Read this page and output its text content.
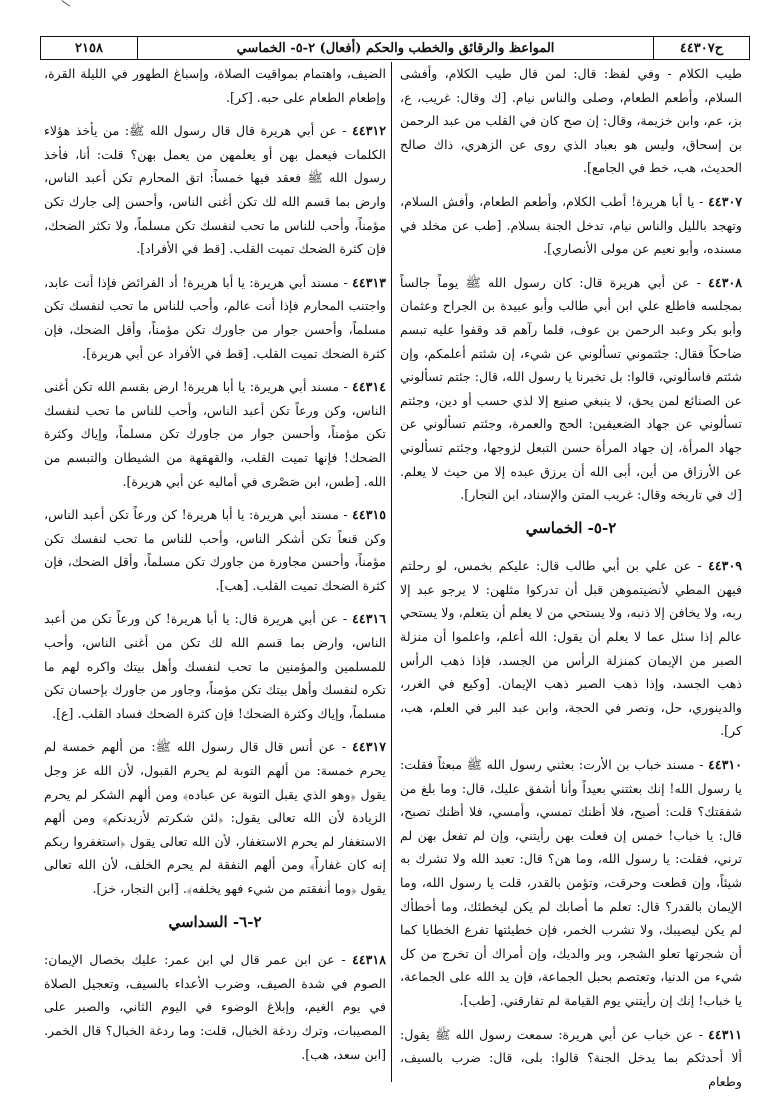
ح٤٤٣٠٧
المواعظ والرقائق والخطب والحكم (أفعال) ٢-٥- الخماسي
٢١٥٨

طيب الكلام - وفي لفظ: قال: لمن قال طيب الكلام، وأفشى السلام، وأطعم الطعام، وصلى والناس نيام. [ك وقال: غريب، ع، بز، عم، وابن خزيمة، وقال: إن صح كان في القلب من عبد الرحمن بن إسحاق، وليس هو بعباد الذي روى عن الزهري، ذاك صالح الحديث، هب، خط في الجامع].

٤٤٣٠٧ - يا أبا هريرة! أطب الكلام، وأطعم الطعام، وأفش السلام، وتهجد بالليل والناس نيام، تدخل الجنة بسلام. [طب عن مخلد في مسنده، وأبو نعيم عن مولى الأنصاري].

٤٤٣٠٨ - عن أبي هريرة قال: كان رسول الله ﷺ يوماً جالساً بمجلسه فاطلع علي ابن أبي طالب وأبو عبيدة بن الجراح وعثمان وأبو بكر وعبد الرحمن بن عوف، فلما رآهم قد وقفوا عليه تبسم ضاحكاً فقال: جئتموني تسألوني عن شيء، إن شئتم أعلمكم، وإن شئتم فاسألوني، قالوا: بل تخبرنا يا رسول الله، قال: جئتم تسألوني عن الصنائع لمن يحق، لا ينبغي صنيع إلا لذي حسب أو دين، وجئتم تسألوني عن جهاد الضعيفين: الحج والعمرة، وجئتم تسألوني عن جهاد المرأة، إن جهاد المرأة حسن التبعل لزوجها، وجئتم تسألوني عن الأرزاق من أين، أبى الله أن يرزق عبده إلا من حيث لا يعلم. [ك في تاريخه وقال: غريب المتن والإسناد، ابن النجار].

٢-٥- الخماسي

٤٤٣٠٩ - عن علي بن أبي طالب قال: عليكم بخمس، لو رحلتم فيهن المطي لأنضيتموهن قبل أن تدركوا مثلهن: لا يرجو عبد إلا ربه، ولا يخافن إلا ذنبه، ولا يستحي من لا يعلم أن يتعلم، ولا يستحي عالم إذا سئل عما لا يعلم أن يقول: الله أعلم، واعلموا أن منزلة الصبر من الإيمان كمنزلة الرأس من الجسد، فإذا ذهب الرأس ذهب الجسد، وإذا ذهب الصبر ذهب الإيمان. [وكيع في الغرر، والدينوري، حل، ونصر في الحجة، وابن عبد البر في العلم، هب، كر].

٤٤٣١٠ - مسند خباب بن الأرت: بعثني رسول الله ﷺ مبعثاً فقلت: يا رسول الله! إنك بعثتني بعيداً وأنا أشفق عليك، قال: وما بلغ من شفقتك؟ قلت: أصبح، فلا أظنك تمسي، وأمسي، فلا أظنك تصبح، قال: يا خباب! خمس إن فعلت بهن رأيتني، وإن لم تفعل بهن لم ترني، فقلت: يا رسول الله، وما هن؟ قال: تعبد الله ولا تشرك به شيئاً، وإن قطعت وحرقت، وتؤمن بالقدر، قلت يا رسول الله، وما الإيمان بالقدر؟ قال: تعلم ما أصابك لم يكن ليخطئك، وما أخطأك لم يكن ليصيبك، ولا تشرب الخمر، فإن خطيئتها تفرع الخطايا كما أن شجرتها تعلو الشجر، وبر والديك، وإن أمراك أن تخرج من كل شيء من الدنيا، وتعتصم بحبل الجماعة، فإن يد الله على الجماعة، يا خباب! إنك إن رأيتني يوم القيامة لم تفارقني. [طب].

٤٤٣١١ - عن خباب عن أبي هريرة: سمعت رسول الله ﷺ يقول: ألا أحدثكم بما يدخل الجنة؟ قالوا: بلى، قال: ضرب بالسيف، وطعام

الضيف، واهتمام بمواقيت الصلاة، وإسباغ الطهور في الليلة القرة، وإطعام الطعام على حبه. [كر].

٤٤٣١٢ - عن أبي هريرة قال قال رسول الله ﷺ: من يأخذ هؤلاء الكلمات فيعمل بهن أو يعلمهن من يعمل بهن؟ قلت: أنا، فأخذ رسول الله ﷺ فعقد فيها خمساً: اتق المحارم تكن أعبد الناس، وارض بما قسم الله لك تكن أغنى الناس، وأحسن إلى جارك تكن مؤمناً، وأحب للناس ما تحب لنفسك تكن مسلماً، ولا تكثر الضحك، فإن كثرة الضحك تميت القلب. [قط في الأفراد].

٤٤٣١٣ - مسند أبي هريرة: يا أبا هريرة! أد الفرائض فإذا أنت عابد، واجتنب المحارم فإذا أنت عالم، وأحب للناس ما تحب لنفسك تكن مسلماً، وأحسن جوار من جاورك تكن مؤمناً، وأقل الضحك، فإن كثرة الضحك تميت القلب. [قط في الأفراد عن أبي هريرة].

٤٤٣١٤ - مسند أبي هريرة: يا أبا هريرة! ارض بقسم الله تكن أغنى الناس، وكن ورعاً تكن أعبد الناس، وأحب للناس ما تحب لنفسك تكن مؤمناً، وأحسن جوار من جاورك تكن مسلماً، وإياك وكثرة الضحك! فإنها تميت القلب، والقهقهة من الشيطان والتبسم من الله. [طس، ابن صَصْرى في أماليه عن أبي هريرة].

٤٤٣١٥ - مسند أبي هريرة: يا أبا هريرة! كن ورعاً تكن أعبد الناس، وكن قنعاً تكن أشكر الناس، وأحب للناس ما تحب لنفسك تكن مؤمناً، وأحسن مجاورة من جاورك تكن مسلماً، وأقل الضحك، فإن كثرة الضحك تميت القلب. [هب].

٤٤٣١٦ - عن أبي هريرة قال: يا أبا هريرة! كن ورعاً تكن من أعبد الناس، وارض بما قسم الله لك تكن من أغنى الناس، وأحب للمسلمين والمؤمنين ما تحب لنفسك وأهل بيتك واكره لهم ما تكره لنفسك وأهل بيتك تكن مؤمناً، وجاور من جاورك بإحسان تكن مسلماً، وإياك وكثرة الضحك! فإن كثرة الضحك فساد القلب. [ع].

٤٤٣١٧ - عن أنس قال قال رسول الله ﷺ: من ألهم خمسة لم يحرم خمسة: من ألهم التوبة لم يحرم القبول، لأن الله عز وجل يقول ﴿وهو الذي يقبل التوبة عن عباده﴾ ومن ألهم الشكر لم يحرم الزيادة لأن الله تعالى يقول: ﴿لئن شكرتم لأزيدنكم﴾ ومن ألهم الاستغفار لم يحرم الاستغفار، لأن الله تعالى يقول ﴿استغفروا ربكم إنه كان غفاراً﴾ ومن ألهم النفقة لم يحرم الخلف، لأن الله تعالى يقول ﴿وما أنفقتم من شيء فهو يخلفه﴾. [ابن النجار، خز].

٢-٦- السداسي

٤٤٣١٨ - عن ابن عمر قال لي ابن عمر: عليك بخصال الإيمان: الصوم في شدة الصيف، وضرب الأعداء بالسيف، وتعجيل الصلاة في يوم الغيم، وإبلاغ الوضوء في اليوم الثاني، والصبر على المصيبات، وترك ردغة الخبال، قلت: وما ردغة الخبال؟ قال الخمر. [ابن سعد، هب].
